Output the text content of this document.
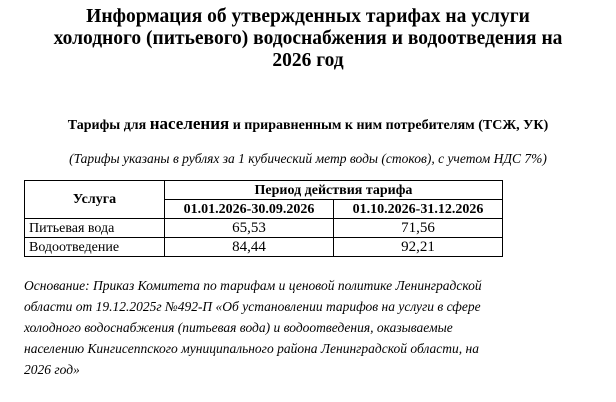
Информация об утвержденных тарифах на услуги
холодного (питьевого) водоснабжения и водоотведения на
2026 год
Тарифы для населения и приравненным к ним потребителям (ТСЖ, УК)
(Тарифы указаны в рублях за 1 кубический метр воды (стоков), с учетом НДС 7%)
Услуга	Период действия тарифа	
	01.01.2026-30.09.2026	01.10.2026-31.12.2026
Питьевая вода	65,53	71,56
Водоотведение	84,44	92,21
Основание: Приказ Комитета по тарифам и ценовой политике Ленинградской
области от 19.12.2025г №492-П «Об установлении тарифов на услуги в сфере
холодного водоснабжения (питьевая вода) и водоотведения, оказываемые
населению Кингисеппского муниципального района Ленинградской области, на
2026 год»
